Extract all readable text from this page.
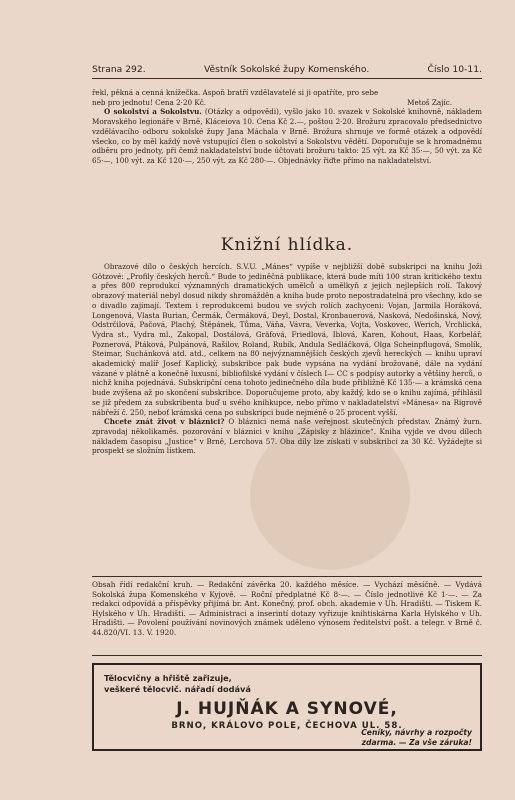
Strana 292.	Věstník Sokolské župy Komenského.	Číslo 10-11.

řekl, pěkná a cenná knížečka. Aspoň bratří vzdělavatelé si ji opatříte, pro sebe

neb pro jednotu! Cena 2·20 Kč.	Metoš Zajíc.

O sokolství a Sokolstvu. (Otázky a odpovědi), vyšlo jako 10. svazek v Sokolské knihovně, nákladem Moravského legionáře v Brně, Kláceiova 10. Cena Kč 2.—, poštou 2·20. Brožuru zpracovalo předsednictvo vzdělávacího odboru sokolské župy Jana Máchala v Brně. Brožura shrnuje ve formě otázek a odpovědí všecko, co by měl každý nově vstupující člen o sokolství a Sokolstvu vědětí. Doporučuje se k hromadnému odběru pro jednoty, při čemž nakladatelství bude účtovati brožuru takto: 25 výt. za Kč 35·—, 50 výt. za Kč 65·—, 100 výt. za Kč 120·—, 250 výt. za Kč 280·—. Objednávky řiďte přímo na nakladatelství.

Knižní hlídka.

Obrazové dílo o českých hercích. S.V.U. „Mánes“ vypíše v nejbližší době subskripci na knihu Joži Götzové: „Profily českých herců.“ Bude to jediněčná publikace, která bude míti 100 stran kritického textu a přes 800 reprodukcí významných dramatických umělců a umělkyň z jejich nejlepších rolí. Takový obrazový materiál nebyl dosud nikdy shromážděn a kniha bude proto nepostradatelná pro všechny, kdo se o divadlo zajímají. Textem i reprodukcemi budou ve svých rolích zachyceni: Vojan, Jarmila Horáková, Longenová, Vlasta Burian, Čermák, Čermáková, Deyl, Dostal, Kronbauerová, Nasková, Nedošinská, Nový, Odstrčilová, Pačová, Plachý, Štěpánek, Tůma, Váňa, Vávra, Veverka, Vojta, Voskovec, Werich, Vrchlická, Vydra st., Vydra ml., Zakopal, Dostálová, Gräfová, Friedlová, Iblová, Karen, Kohout, Haas, Korbelář, Poznerová, Ptáková, Pulpánová, Rašilov, Roland, Rubík, Andula Sedláčková, Olga Scheinpflugová, Smolík, Steimar, Suchánková atd. atd., celkem na 80 nejvýznamnějších českých zjevů hereckých — knihu upraví akademický malíř Josef Kaplický, subskribce pak bude vypsána na vydání brožované, dále na vydání vázané v plátně a konečně luxusní, bibliofilské vydání v číslech I— CC s podpisy autorky a většiny herců, o nichž kniha pojednává. Subskripční cena tohoto jedinečného díla bude přibližně Kč 135·— a krámská cena bude zvýšena až po skončení subskribce. Doporučujeme proto, aby každý, kdo se o knihu zajímá, přihlásil se již předem za subskribenta buď u svého knihkupce, nebo přímo v nakladatelství »Mánesa« na Rigrově nábřeží č. 250, neboť krámská cena po subskripci bude nejméně o 25 procent vyšší.

Chcete znát život v bláznici? O bláznici nemá naše veřejnost skutečných představ. Známý žurn. zpravodaj několikaměs. pozorování v bláznici v knihu „Zápisky z blázince“. Kniha vyjde ve dvou dílech nákladem časopisu „Justice“ v Brně, Lerchova 57. Oba díly lze získati v subskribci za 30 Kč. Vyžádejte si prospekt se složním lístkem.

Obsah řídí redakční kruh. — Redakční závěrka 20. každého měsíce. — Vychází měsíčně. — Vydává Sokolská župa Komenského v Kyjově. — Roční předplatné Kč 8·—. — Číslo jednotlivé Kč 1·—. — Za redakci odpovídá a příspěvky přijímá br. Ant. Konečný, prof. obch. akademie v Uh. Hradišti. — Tiskem K. Hylského v Uh. Hradišti. — Administraci a inserintí dotazy vyřizuje knihtiskárna Karla Hylského v Uh. Hradišti. — Povolení používání novinových známek uděleno výnosem ředitelství pošt. a telegr. v Brně č. 44.820/VI. 13. V. 1920.
Tělocvičny a hřiště zařizuje,
veškeré tělocvič. nářadí dodává
J. HUJŇÁK A SYNOVÉ,
BRNO, KRÁLOVO POLE, ČECHOVA UL. 58.
Ceníky, návrhy a rozpočty
zdarma. — Za vše záruka!
